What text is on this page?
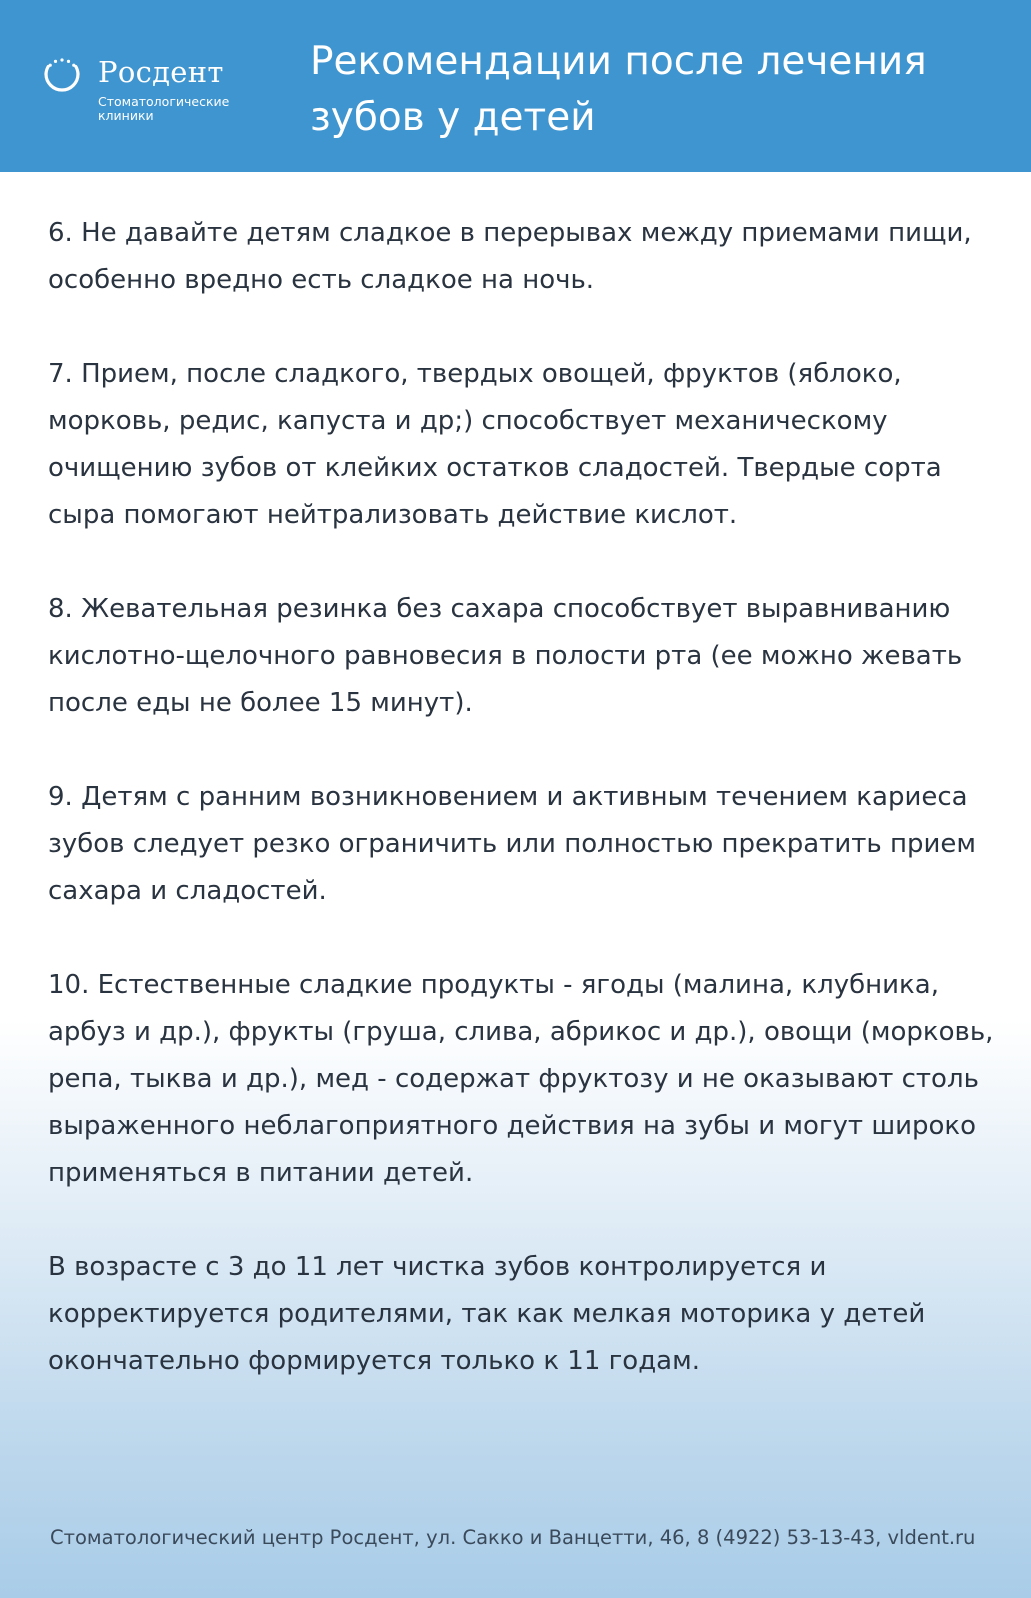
Росдент
Стоматологические клиники
Рекомендации после лечения зубов у детей

6. Не давайте детям сладкое в перерывах между приемами пищи, особенно вредно есть сладкое на ночь.

7. Прием, после сладкого, твердых овощей, фруктов (яблоко, морковь, редис, капуста и др;) способствует механическому очищению зубов от клейких остатков сладостей. Твердые сорта сыра помогают нейтрализовать действие кислот.

8. Жевательная резинка без сахара способствует выравниванию кислотно-щелочного равновесия в полости рта (ее можно жевать после еды не более 15 минут).

9. Детям с ранним возникновением и активным течением кариеса зубов следует резко ограничить или полностью прекратить прием сахара и сладостей.

10. Естественные сладкие продукты - ягоды (малина, клубника, арбуз и др.), фрукты (груша, слива, абрикос и др.), овощи (морковь, репа, тыква и др.), мед - содержат фруктозу и не оказывают столь выраженного неблагоприятного действия на зубы и могут широко применяться в питании детей.

В возрасте с 3 до 11 лет чистка зубов контролируется и корректируется родителями, так как мелкая моторика у детей окончательно формируется только к 11 годам.

Стоматологический центр Росдент, ул. Сакко и Ванцетти, 46, 8 (4922) 53-13-43, vldent.ru
